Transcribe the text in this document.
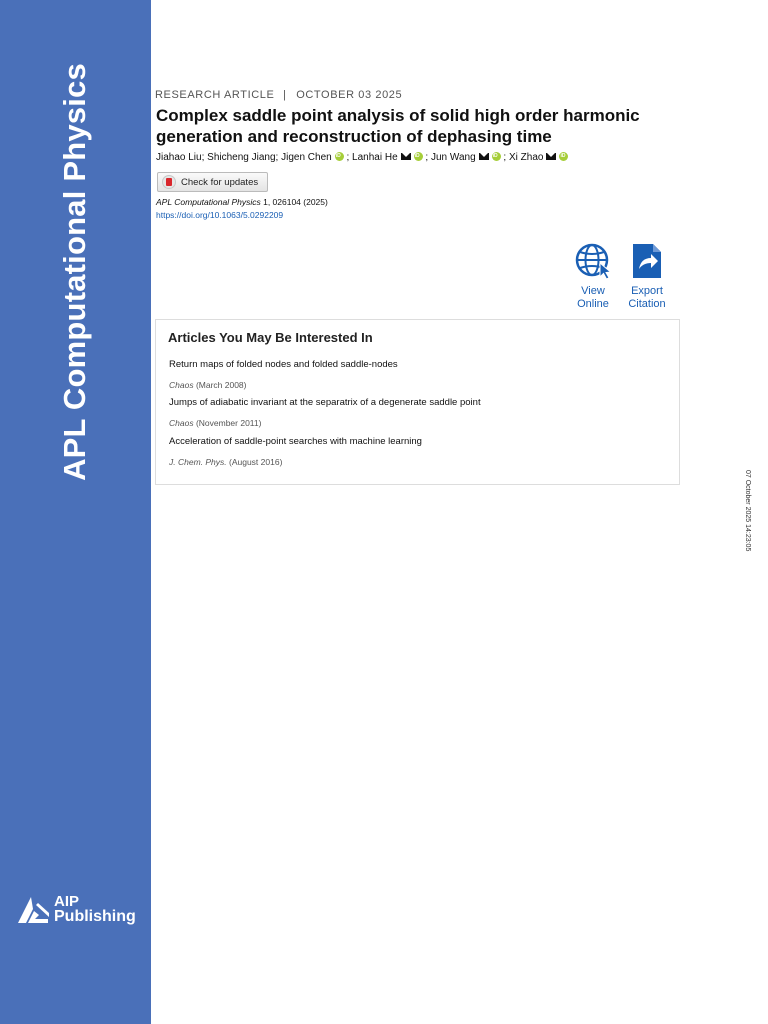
APL Computational Physics
AIP
Publishing
RESEARCH ARTICLE | OCTOBER 03 2025
Complex saddle point analysis of solid high order harmonic generation and reconstruction of dephasing time
Jiahao Liu; Shicheng Jiang; Jigen Chen iD ; Lanhai He iD	; Jun Wang iD	; Xi ZhaoiD
Check for updates
APL Computational Physics 1, 026104 (2025)
https://doi.org/10.1063/5.0292209
View
Online
Export
Citation
Articles You May Be Interested In
Return maps of folded nodes and folded saddle-nodes
Chaos (March 2008)
Jumps of adiabatic invariant at the separatrix of a degenerate saddle point
Chaos (November 2011)
Acceleration of saddle-point searches with machine learning
J. Chem. Phys. (August 2016)
07 October 2025 14:23:05
